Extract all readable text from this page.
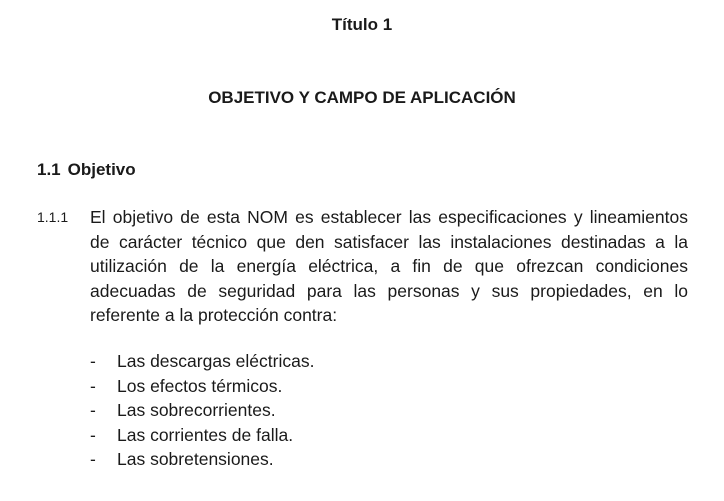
Título 1
OBJETIVO Y CAMPO DE APLICACIÓN
1.1 Objetivo
1.1.1 El objetivo de esta NOM es establecer las especificaciones y lineamientos de carácter técnico que den satisfacer las instalaciones destinadas a la utilización de la energía eléctrica, a fin de que ofrezcan condiciones adecuadas de seguridad para las personas y sus propiedades, en lo referente a la protección contra:

- Las descargas eléctricas.
- Los efectos térmicos.
- Las sobrecorrientes.
- Las corrientes de falla.
- Las sobretensiones.
